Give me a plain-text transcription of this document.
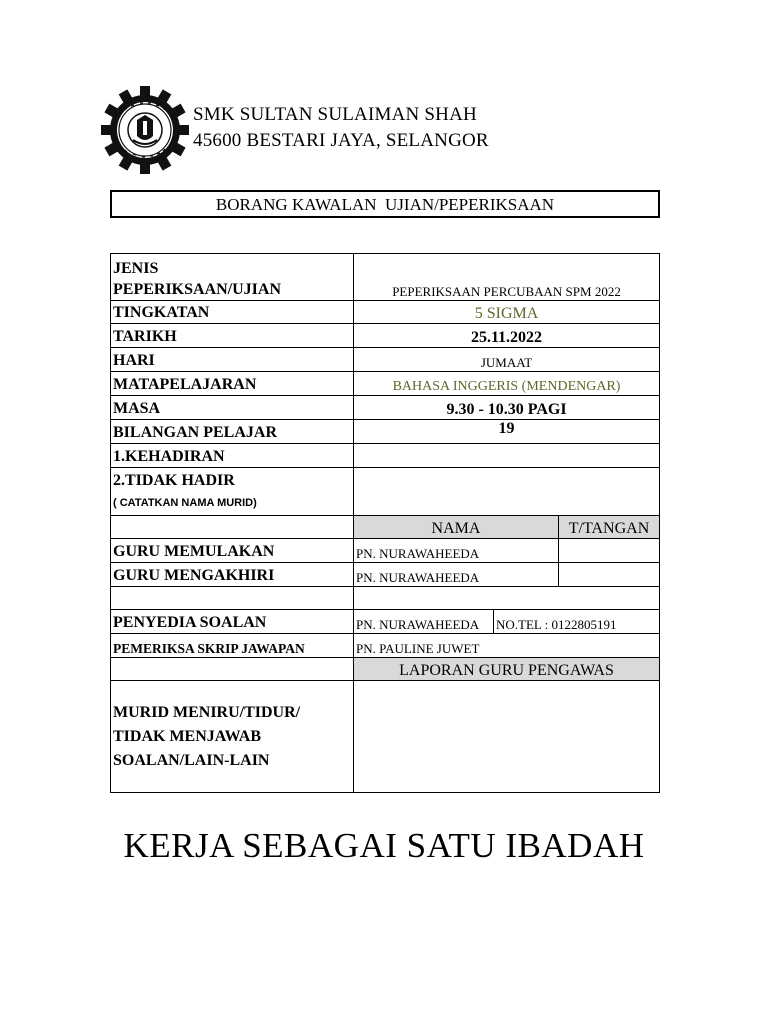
SMK SULTAN SULAIMAN SHAH
45600 BESTARI JAYA, SELANGOR
BORANG KAWALAN  UJIAN/PEPERIKSAAN
JENIS
PEPERIKSAAN/UJIAN	PEPERIKSAAN PERCUBAAN SPM 2022		
TINGKATAN	5 SIGMA		
TARIKH	25.11.2022		
HARI	JUMAAT		
MATAPELAJARAN	BAHASA INGGERIS (MENDENGAR)		
MASA	9.30 - 10.30 PAGI		
BILANGAN PELAJAR	19		
1.KEHADIRAN			
2.TIDAK HADIR
( CATATKAN NAMA MURID)			

	NAMA		T/TANGAN
GURU MEMULAKAN	PN. NURAWAHEEDA		
GURU MENGAKHIRI	PN. NURAWAHEEDA		

PENYEDIA SOALAN	PN. NURAWAHEEDA	NO.TEL : 0122805191	
PEMERIKSA SKRIP JAWAPAN	PN. PAULINE JUWET		
	LAPORAN GURU PENGAWAS		
MURID MENIRU/TIDUR/
TIDAK MENJAWAB
SOALAN/LAIN-LAIN			
KERJA SEBAGAI SATU IBADAH
